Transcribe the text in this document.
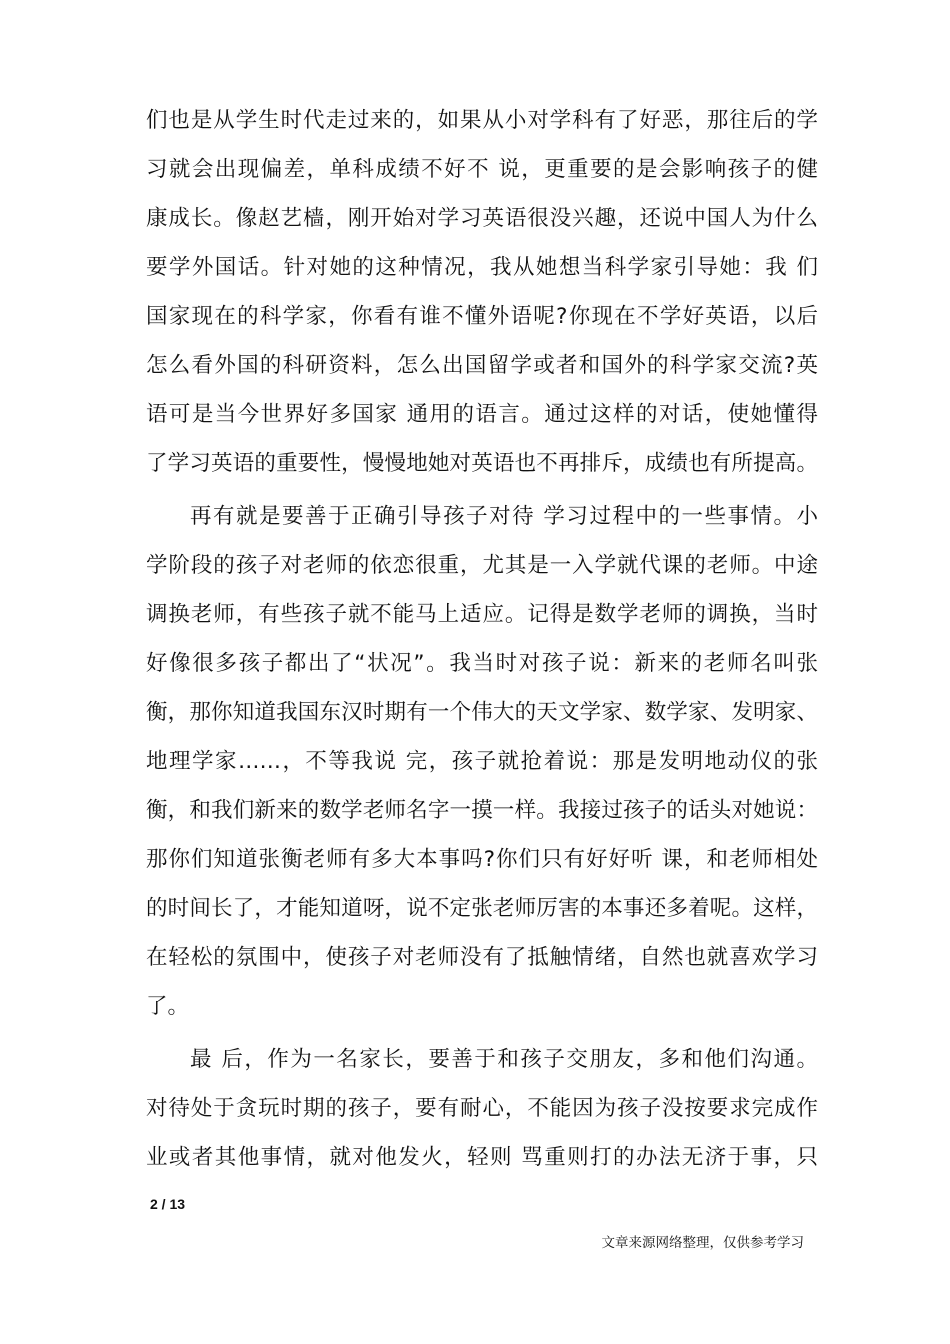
们也是从学生时代走过来的，如果从小对学科有了好恶，那往后的学
习就会出现偏差，单科成绩不好不 说，更重要的是会影响孩子的健
康成长。像赵艺樯，刚开始对学习英语很没兴趣，还说中国人为什么
要学外国话。针对她的这种情况，我从她想当科学家引导她：我 们
国家现在的科学家，你看有谁不懂外语呢?你现在不学好英语，以后
怎么看外国的科研资料，怎么出国留学或者和国外的科学家交流?英
语可是当今世界好多国家 通用的语言。通过这样的对话，使她懂得
了学习英语的重要性，慢慢地她对英语也不再排斥，成绩也有所提高。
再有就是要善于正确引导孩子对待 学习过程中的一些事情。小
学阶段的孩子对老师的依恋很重，尤其是一入学就代课的老师。中途
调换老师，有些孩子就不能马上适应。记得是数学老师的调换，当时
好像很多孩子都出了“状况”。我当时对孩子说：新来的老师名叫张
衡，那你知道我国东汉时期有一个伟大的天文学家、数学家、发明家、
地理学家……，不等我说 完，孩子就抢着说：那是发明地动仪的张
衡，和我们新来的数学老师名字一摸一样。我接过孩子的话头对她说：
那你们知道张衡老师有多大本事吗?你们只有好好听 课，和老师相处
的时间长了，才能知道呀，说不定张老师厉害的本事还多着呢。这样，
在轻松的氛围中，使孩子对老师没有了抵触情绪，自然也就喜欢学习
了。
最 后，作为一名家长，要善于和孩子交朋友，多和他们沟通。
对待处于贪玩时期的孩子，要有耐心，不能因为孩子没按要求完成作
业或者其他事情，就对他发火，轻则 骂重则打的办法无济于事，只
2 / 13
文章来源网络整理，仅供参考学习
